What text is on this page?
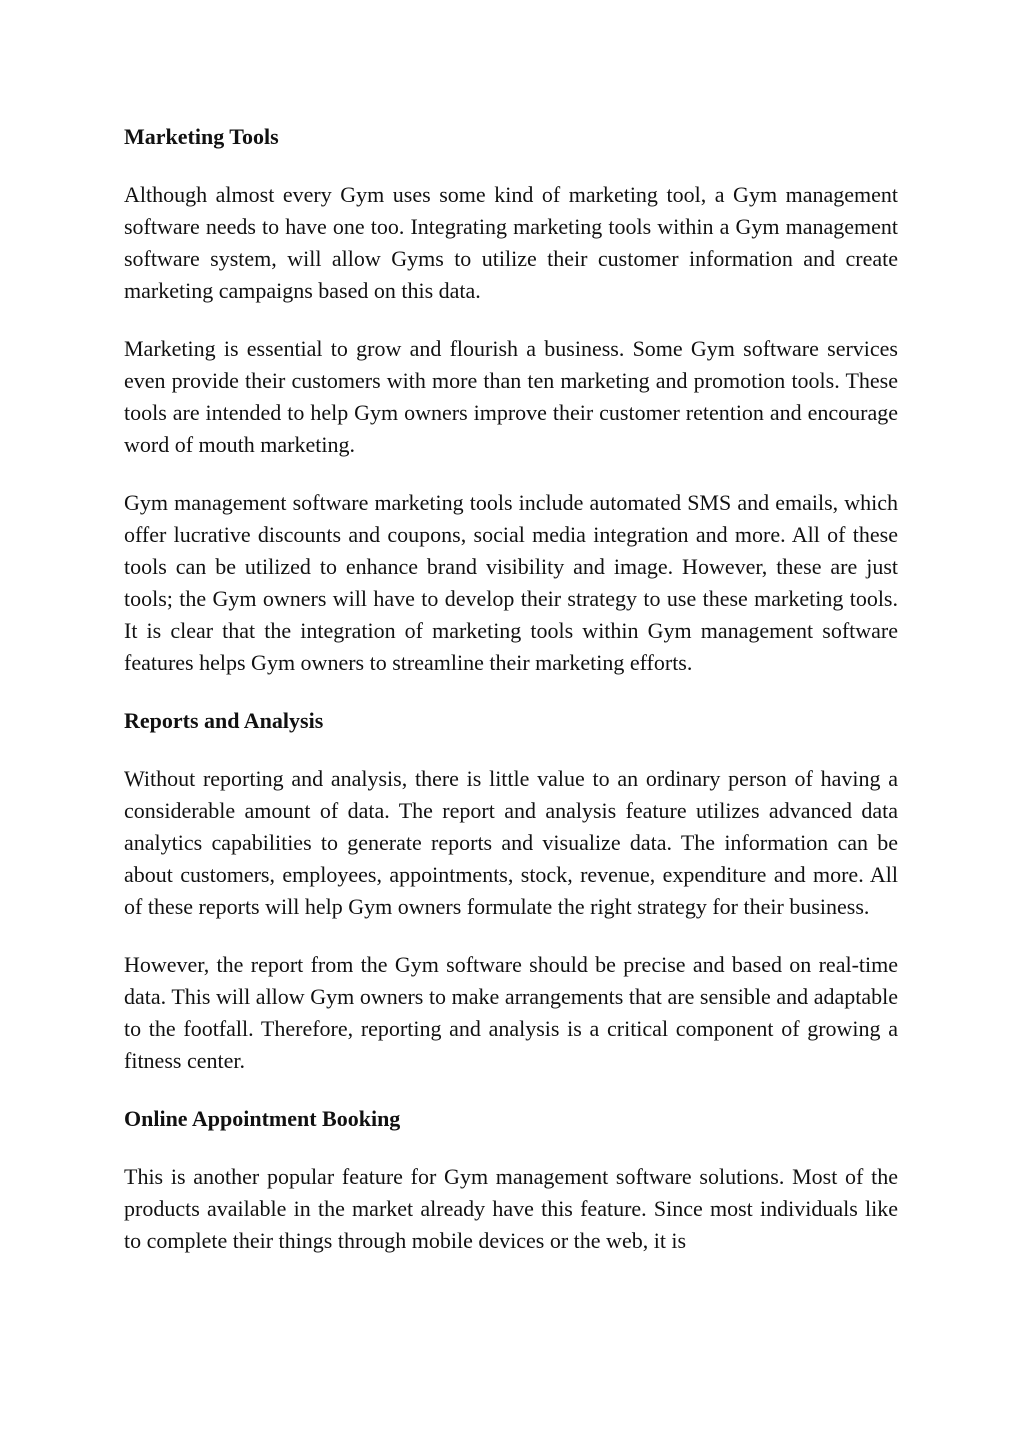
Marketing Tools

Although almost every Gym uses some kind of marketing tool, a Gym management software needs to have one too. Integrating marketing tools within a Gym management software system, will allow Gyms to utilize their customer information and create marketing campaigns based on this data.

Marketing is essential to grow and flourish a business. Some Gym software services even provide their customers with more than ten marketing and promotion tools. These tools are intended to help Gym owners improve their customer retention and encourage word of mouth marketing.

Gym management software marketing tools include automated SMS and emails, which offer lucrative discounts and coupons, social media integration and more. All of these tools can be utilized to enhance brand visibility and image. However, these are just tools; the Gym owners will have to develop their strategy to use these marketing tools. It is clear that the integration of marketing tools within Gym management software features helps Gym owners to streamline their marketing efforts.

Reports and Analysis

Without reporting and analysis, there is little value to an ordinary person of having a considerable amount of data. The report and analysis feature utilizes advanced data analytics capabilities to generate reports and visualize data. The information can be about customers, employees, appointments, stock, revenue, expenditure and more. All of these reports will help Gym owners formulate the right strategy for their business.

However, the report from the Gym software should be precise and based on real-time data. This will allow Gym owners to make arrangements that are sensible and adaptable to the footfall. Therefore, reporting and analysis is a critical component of growing a fitness center.

Online Appointment Booking

This is another popular feature for Gym management software solutions. Most of the products available in the market already have this feature. Since most individuals like to complete their things through mobile devices or the web, it is
